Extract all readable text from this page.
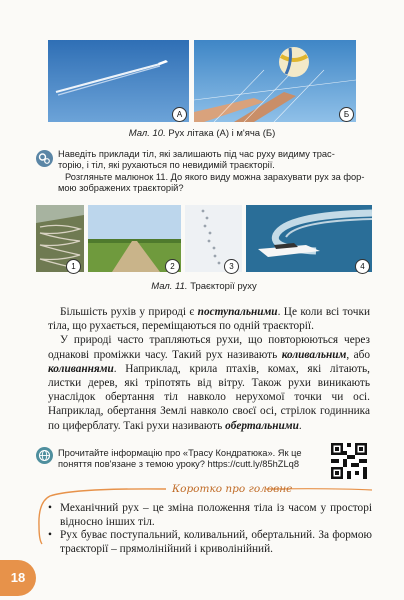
А	Б
Мал. 10. Рух літака (А) і м'яча (Б)
Наведіть приклади тіл, які залишають під час руху видиму трас-
торію, і тіл, які рухаються по невидимій траєкторії.
Розгляньте малюнок 11. До якого виду можна зарахувати рух за фор-
мою зображених траєкторій?
1	2	3	4
Мал. 11. Траєкторії руху

Більшість рухів у природі є поступальними. Це коли всі точки тіла, що рухається, переміщаються по одній траєкторії.

У природі часто трапляються рухи, що повторюються через однакові проміжки часу. Такий рух називають коливальним, або коливаннями. Наприклад, крила птахів, комах, які літають, листки дерев, які тріпотять від вітру. Також рухи виникають унаслідок обертання тіл навколо нерухомої точки чи осі. Наприклад, обертання Землі навколо своєї осі, стрілок годинника по циферблату. Такі рухи називають обертальними.

Прочитайте інформацію про «Трасу Кондратюка». Як це
поняття пов'язане з темою уроку? https://cutt.ly/85hZLq8
Коротко про головне
• Механічний рух – це зміна положення тіла із часом у просторі відносно інших тіл.
• Рух буває поступальний, коливальний, обертальний. За формою траєкторії – прямолінійний і криволінійний.
18
